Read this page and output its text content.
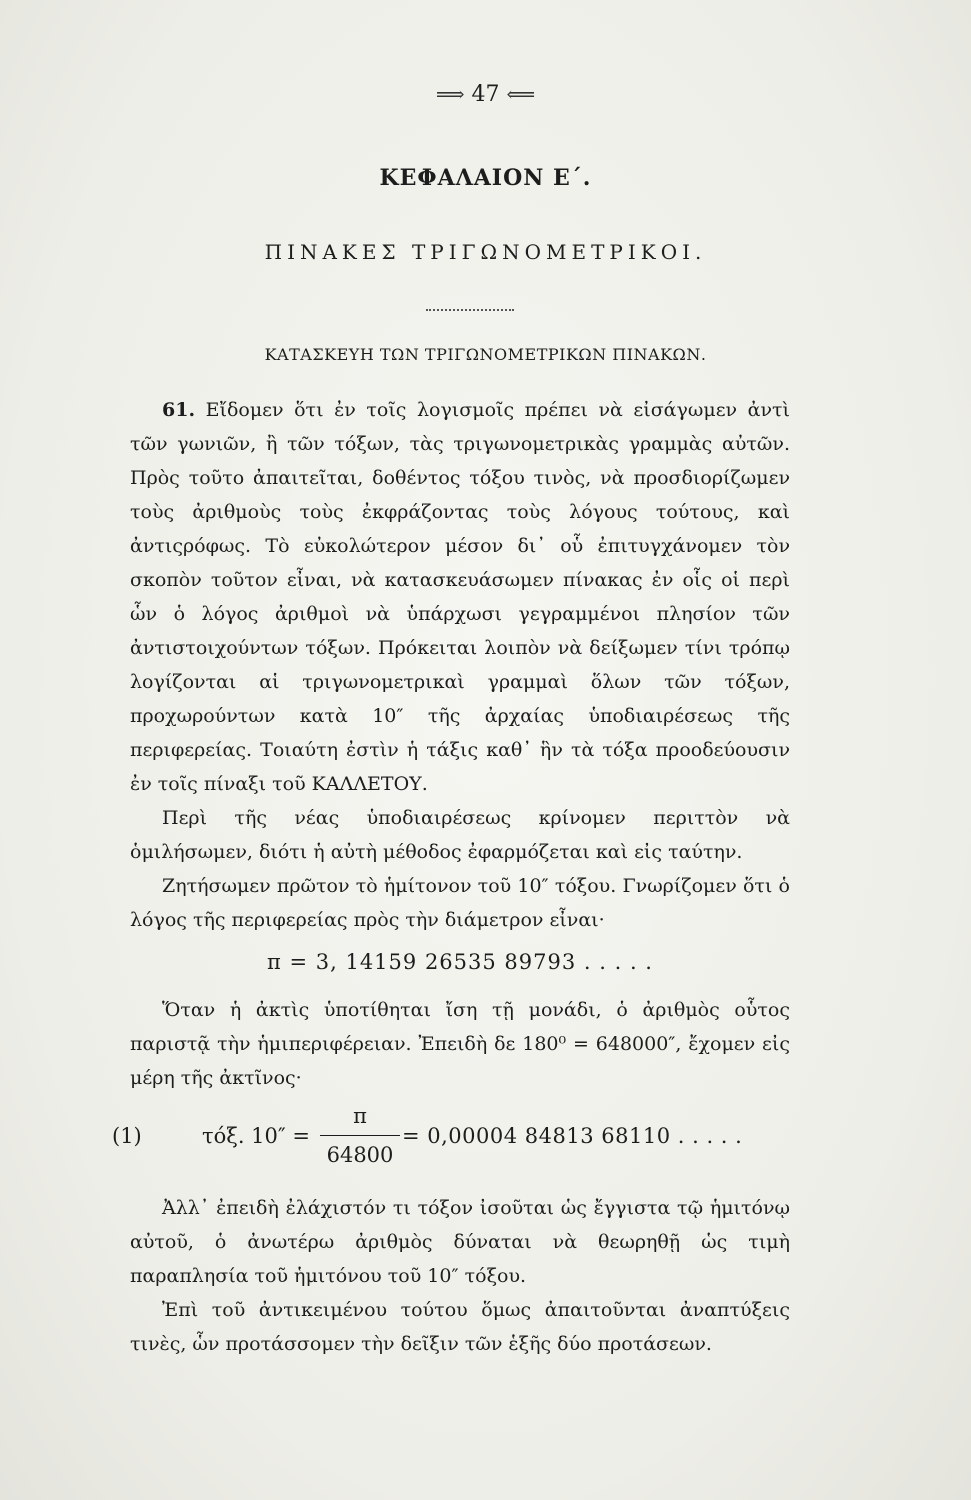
⟹ 47 ⟸
ΚΕΦΑΛΑΙΟΝ Ε΄.
ΠΙΝΑΚΕΣ ΤΡΙΓΩΝΟΜΕΤΡΙΚΟΙ.
ΚΑΤΑΣΚΕΥΗ ΤΩΝ ΤΡΙΓΩΝΟΜΕΤΡΙΚΩΝ ΠΙΝΑΚΩΝ.

61. Εἴδομεν ὅτι ἐν τοῖς λογισμοῖς πρέπει νὰ εἰσάγωμεν ἀντὶ τῶν γωνιῶν, ἢ τῶν τόξων, τὰς τριγωνομετρικὰς γραμμὰς αὐτῶν. Πρὸς τοῦτο ἀπαιτεῖται, δοθέντος τόξου τινὸς, νὰ προσδιορίζωμεν τοὺς ἀριθμοὺς τοὺς ἐκφράζοντας τοὺς λόγους τούτους, καὶ ἀντιςρόφως. Τὸ εὐκολώτερον μέσον δι᾽ οὗ ἐπιτυγχάνομεν τὸν σκοπὸν τοῦτον εἶναι, νὰ κατασκευάσωμεν πίνακας ἐν οἷς οἱ περὶ ὧν ὁ λόγος ἀριθμοὶ νὰ ὑπάρχωσι γεγραμμένοι πλησίον τῶν ἀντιστοιχούντων τόξων. Πρόκειται λοιπὸν νὰ δείξωμεν τίνι τρόπῳ λογίζονται αἱ τριγωνομετρικαὶ γραμμαὶ ὅλων τῶν τόξων, προχωρούντων κατὰ 10″ τῆς ἀρχαίας ὑποδιαιρέσεως τῆς περιφερείας. Τοιαύτη ἐστὶν ἡ τάξις καθ᾽ ἣν τὰ τόξα προοδεύουσιν ἐν τοῖς πίναξι τοῦ ΚΑΛΛΕΤΟΥ.

Περὶ τῆς νέας ὑποδιαιρέσεως κρίνομεν περιττὸν νὰ ὁμιλήσωμεν, διότι ἡ αὐτὴ μέθοδος ἐφαρμόζεται καὶ εἰς ταύτην.

Ζητήσωμεν πρῶτον τὸ ἡμίτονον τοῦ 10″ τόξου. Γνωρίζομεν ὅτι ὁ λόγος τῆς περιφερείας πρὸς τὴν διάμετρον εἶναι·

π = 3, 14159 26535 89793 . . . . .

Ὅταν ἡ ἀκτὶς ὑποτίθηται ἴση τῇ μονάδι, ὁ ἀριθμὸς οὗτος παριστᾷ τὴν ἡμιπεριφέρειαν. Ἐπειδὴ δε 180⁰ = 648000″, ἔχομεν εἰς μέρη τῆς ἀκτῖνος·

(1)	τόξ. $10'' = \frac{\pi}{64800} = 0,00004$ 84813 68110 . . . . .

Ἀλλ᾽ ἐπειδὴ ἐλάχιστόν τι τόξον ἰσοῦται ὡς ἔγγιστα τῷ ἡμιτόνῳ αὐτοῦ, ὁ ἀνωτέρω ἀριθμὸς δύναται νὰ θεωρηθῇ ὡς τιμὴ παραπλησία τοῦ ἡμιτόνου τοῦ 10″ τόξου.

Ἐπὶ τοῦ ἀντικειμένου τούτου ὅμως ἀπαιτοῦνται ἀναπτύξεις τινὲς, ὧν προτάσσομεν τὴν δεῖξιν τῶν ἑξῆς δύο προτάσεων.
